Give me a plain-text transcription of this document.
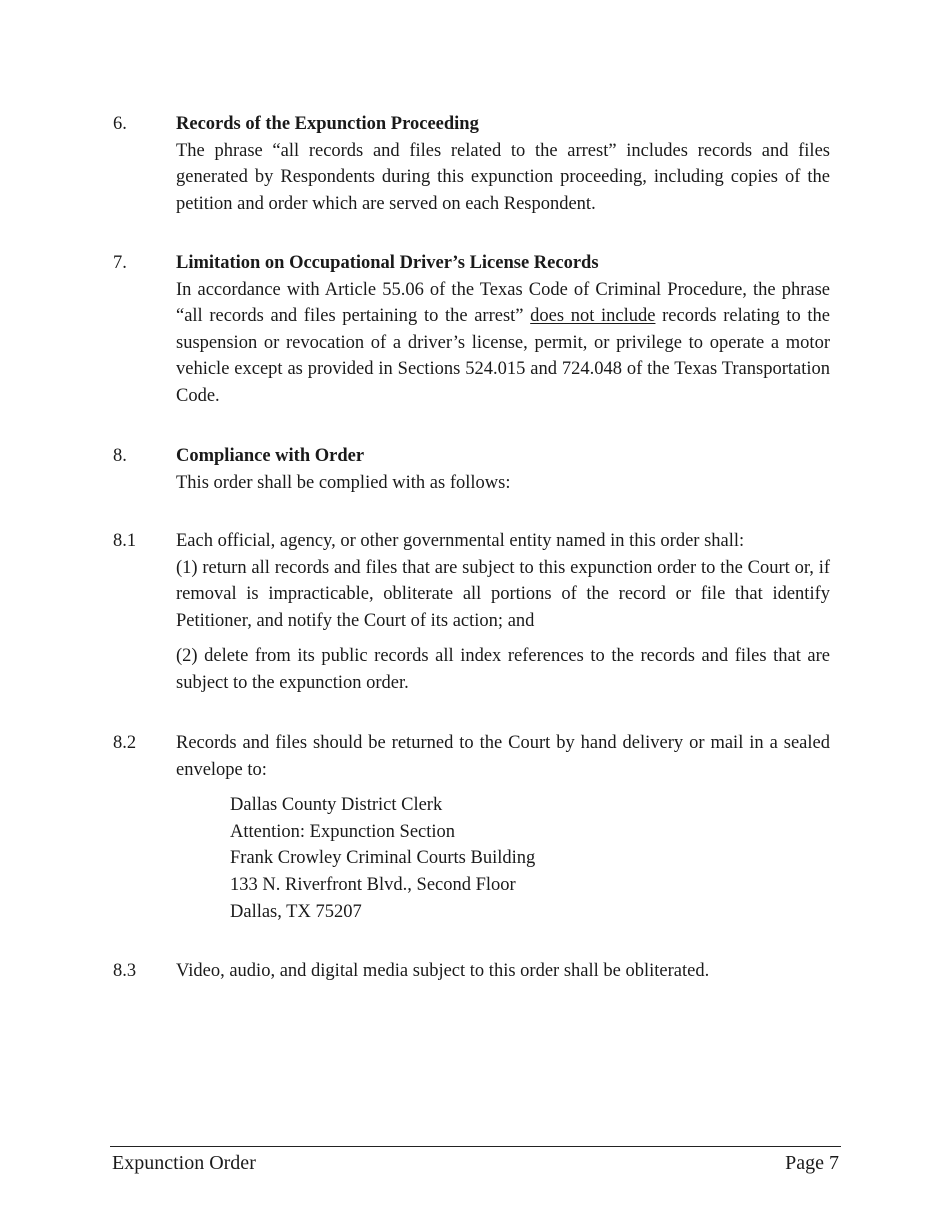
6.	Records of the Expunction Proceeding
The phrase “all records and files related to the arrest” includes records and files generated by Respondents during this expunction proceeding, including copies of the petition and order which are served on each Respondent.
7.	Limitation on Occupational Driver’s License Records
In accordance with Article 55.06 of the Texas Code of Criminal Procedure, the phrase “all records and files pertaining to the arrest” does not include records relating to the suspension or revocation of a driver’s license, permit, or privilege to operate a motor vehicle except as provided in Sections 524.015 and 724.048 of the Texas Transportation Code.
8.	Compliance with Order
This order shall be complied with as follows:
8.1 Each official, agency, or other governmental entity named in this order shall:
(1) return all records and files that are subject to this expunction order to the Court or, if removal is impracticable, obliterate all portions of the record or file that identify Petitioner, and notify the Court of its action; and
(2) delete from its public records all index references to the records and files that are subject to the expunction order.
8.2 Records and files should be returned to the Court by hand delivery or mail in a sealed envelope to:
Dallas County District Clerk
Attention: Expunction Section
Frank Crowley Criminal Courts Building
133 N. Riverfront Blvd., Second Floor
Dallas, TX 75207
8.3 Video, audio, and digital media subject to this order shall be obliterated.
Expunction Order	Page 7
